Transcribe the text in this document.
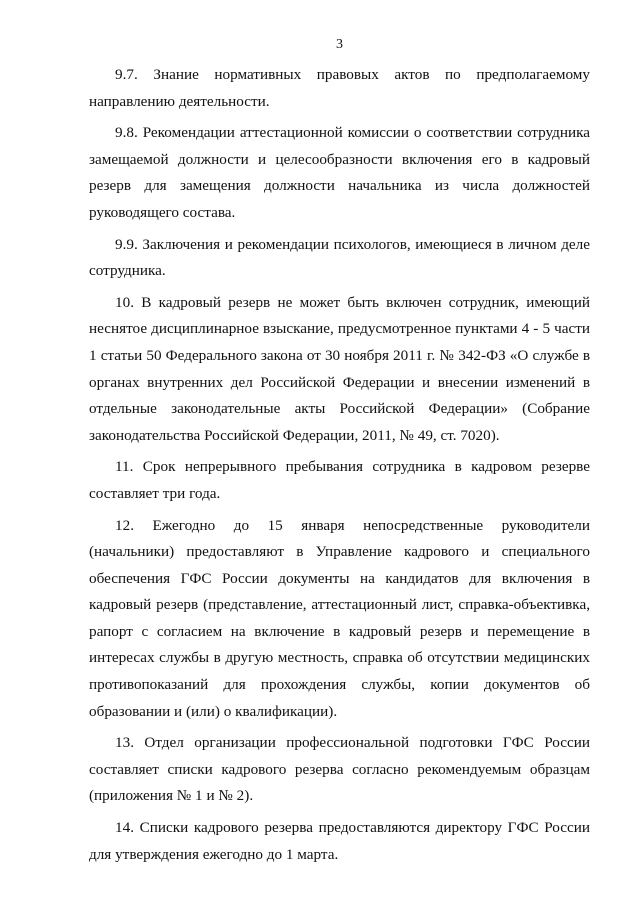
3

9.7. Знание нормативных правовых актов по предполагаемому направлению деятельности.

9.8. Рекомендации аттестационной комиссии о соответствии сотрудника замещаемой должности и целесообразности включения его в кадровый резерв для замещения должности начальника из числа должностей руководящего состава.

9.9. Заключения и рекомендации психологов, имеющиеся в личном деле сотрудника.

10. В кадровый резерв не может быть включен сотрудник, имеющий неснятое дисциплинарное взыскание, предусмотренное пунктами 4 - 5 части 1 статьи 50 Федерального закона от 30 ноября 2011 г. № 342-ФЗ «О службе в органах внутренних дел Российской Федерации и внесении изменений в отдельные законодательные акты Российской Федерации» (Собрание законодательства Российской Федерации, 2011, № 49, ст. 7020).

11. Срок непрерывного пребывания сотрудника в кадровом резерве составляет три года.

12. Ежегодно до 15 января непосредственные руководители (начальники) предоставляют в Управление кадрового и специального обеспечения ГФС России документы на кандидатов для включения в кадровый резерв (представление, аттестационный лист, справка-объективка, рапорт с согласием на включение в кадровый резерв и перемещение в интересах службы в другую местность, справка об отсутствии медицинских противопоказаний для прохождения службы, копии документов об образовании и (или) о квалификации).

13. Отдел организации профессиональной подготовки ГФС России составляет списки кадрового резерва согласно рекомендуемым образцам (приложения № 1 и № 2).

14. Списки кадрового резерва предоставляются директору ГФС России для утверждения ежегодно до 1 марта.
